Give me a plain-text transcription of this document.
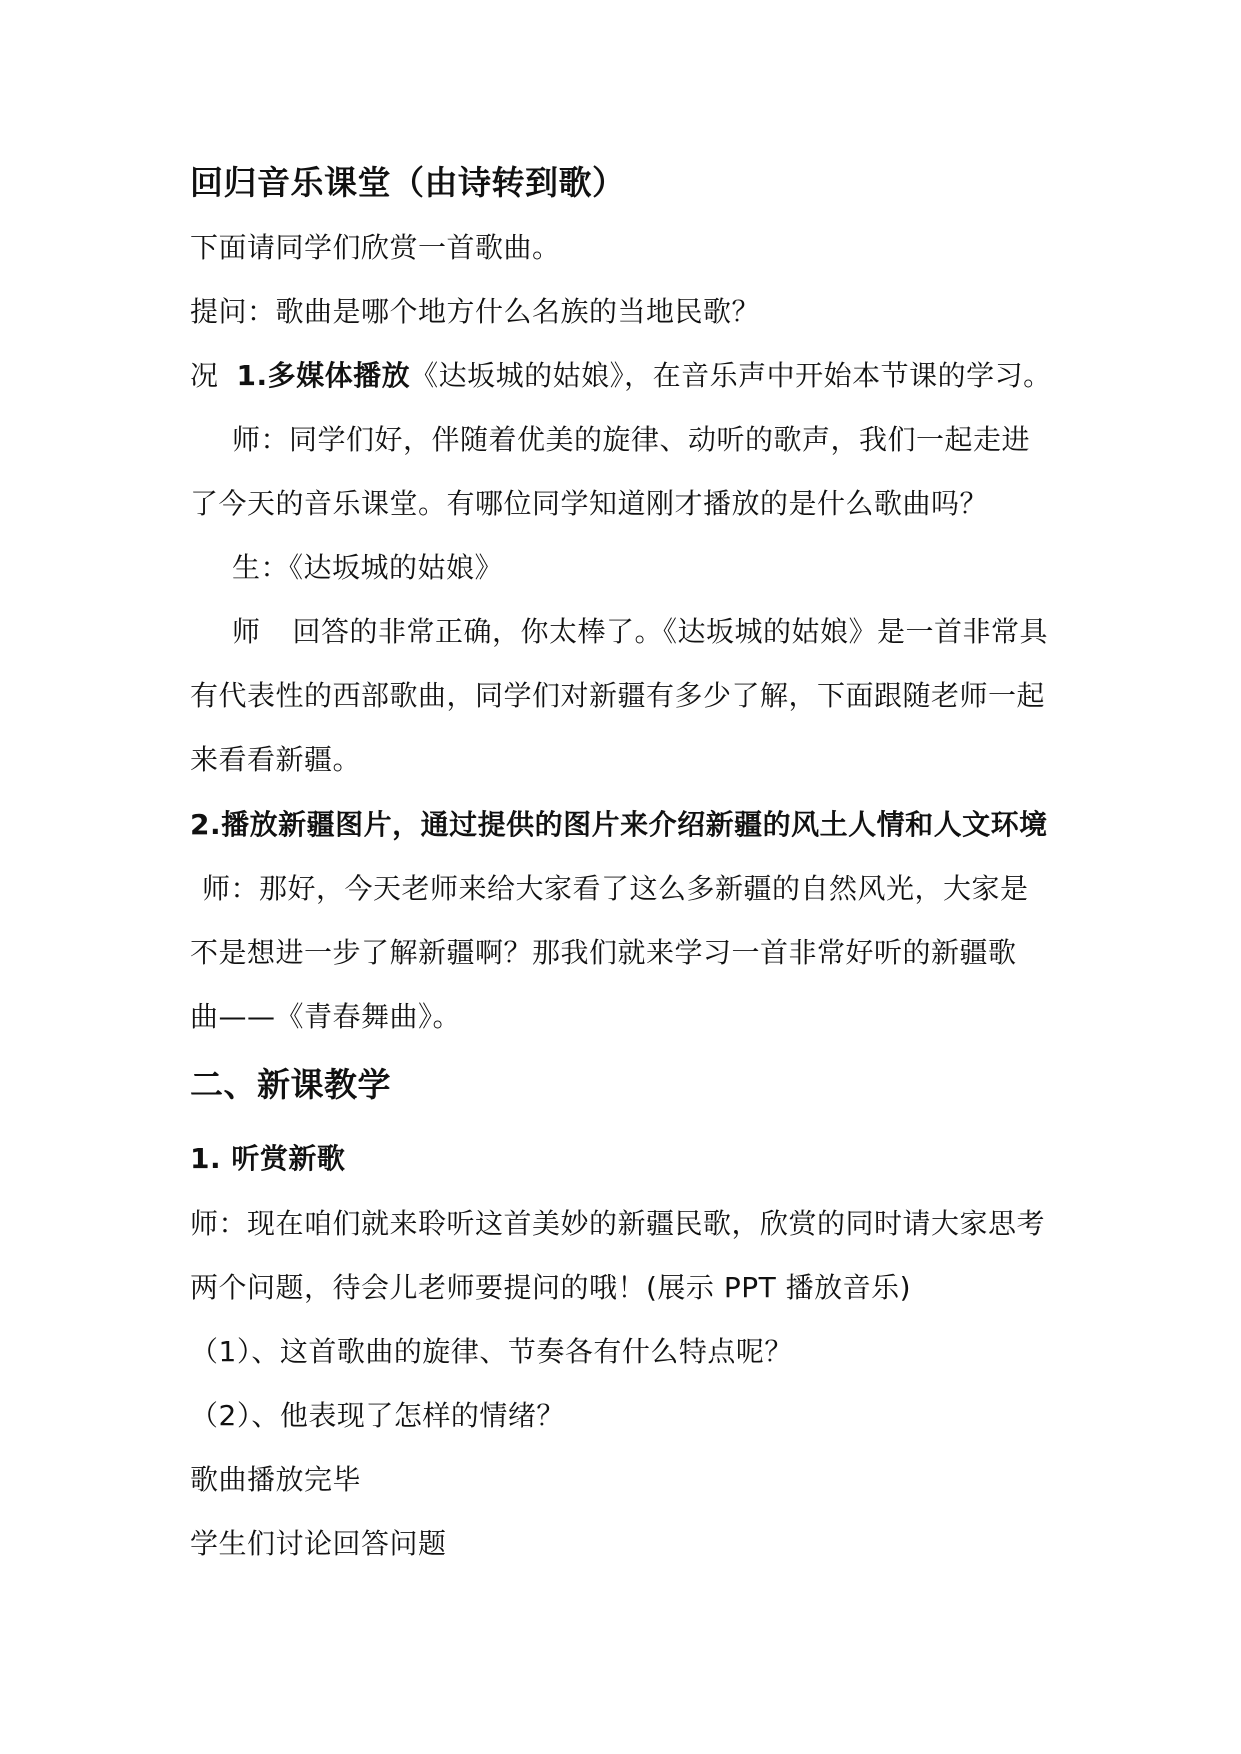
回归音乐课堂（由诗转到歌）
下面请同学们欣赏一首歌曲。
提问：歌曲是哪个地方什么名族的当地民歌？
况 1.多媒体播放《达坂城的姑娘》，在音乐声中开始本节课的学习。
师：同学们好，伴随着优美的旋律、动听的歌声，我们一起走进
了今天的音乐课堂。有哪位同学知道刚才播放的是什么歌曲吗？
生：《达坂城的姑娘》
师 回答的非常正确，你太棒了。《达坂城的姑娘》是一首非常具
有代表性的西部歌曲，同学们对新疆有多少了解，下面跟随老师一起
来看看新疆。
2.播放新疆图片，通过提供的图片来介绍新疆的风土人情和人文环境
师：那好，今天老师来给大家看了这么多新疆的自然风光，大家是
不是想进一步了解新疆啊？那我们就来学习一首非常好听的新疆歌
曲——《青春舞曲》。
二、新课教学
1. 听赏新歌
师：现在咱们就来聆听这首美妙的新疆民歌，欣赏的同时请大家思考
两个问题，待会儿老师要提问的哦！(展示 PPT 播放音乐)
（1）、这首歌曲的旋律、节奏各有什么特点呢？
（2）、他表现了怎样的情绪？
歌曲播放完毕
学生们讨论回答问题
